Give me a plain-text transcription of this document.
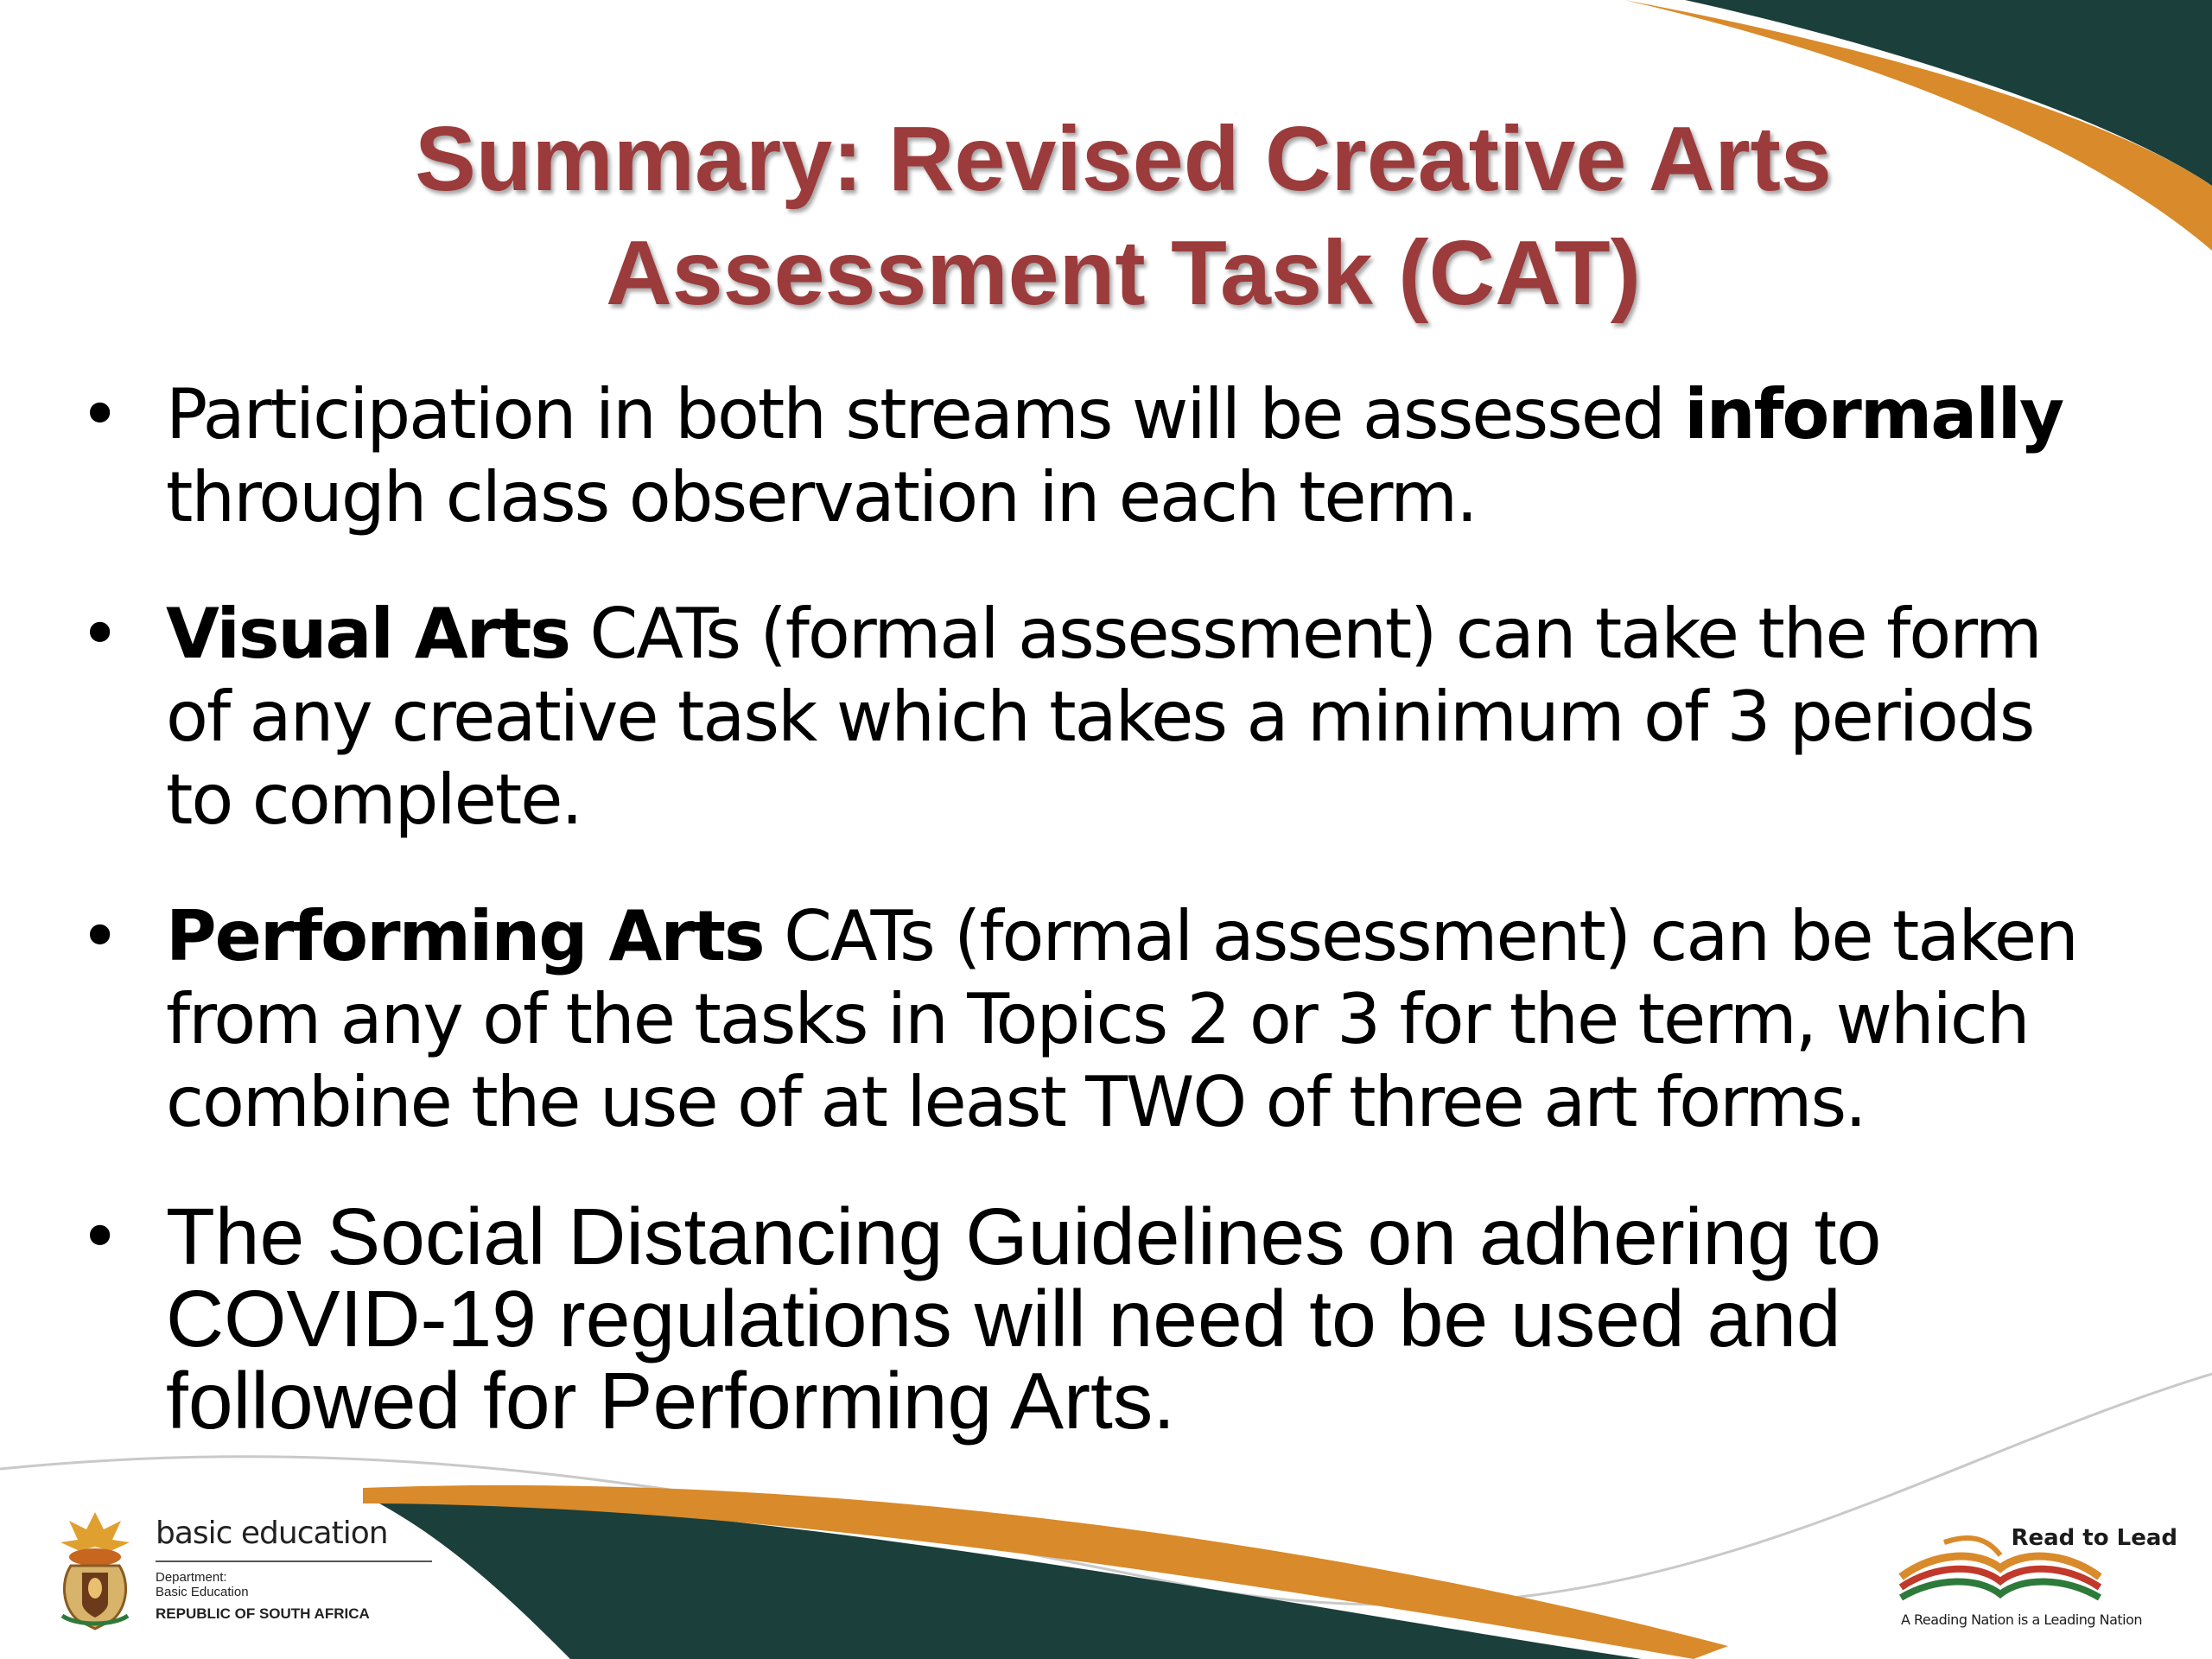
Summary: Revised Creative Arts
Assessment Task (CAT)
• Participation in both streams will be assessed informally
through class observation in each term.
• Visual Arts CATs (formal assessment) can take the form
of any creative task which takes a minimum of 3 periods
to complete.
• Performing Arts CATs (formal assessment) can be taken
from any of the tasks in Topics 2 or 3 for the term, which
combine the use of at least TWO of three art forms.
• The Social Distancing Guidelines on adhering to
COVID-19 regulations will need to be used and
followed for Performing Arts.
basic education
Department:
Basic Education
REPUBLIC OF SOUTH AFRICA
Read to Lead
A Reading Nation is a Leading Nation
